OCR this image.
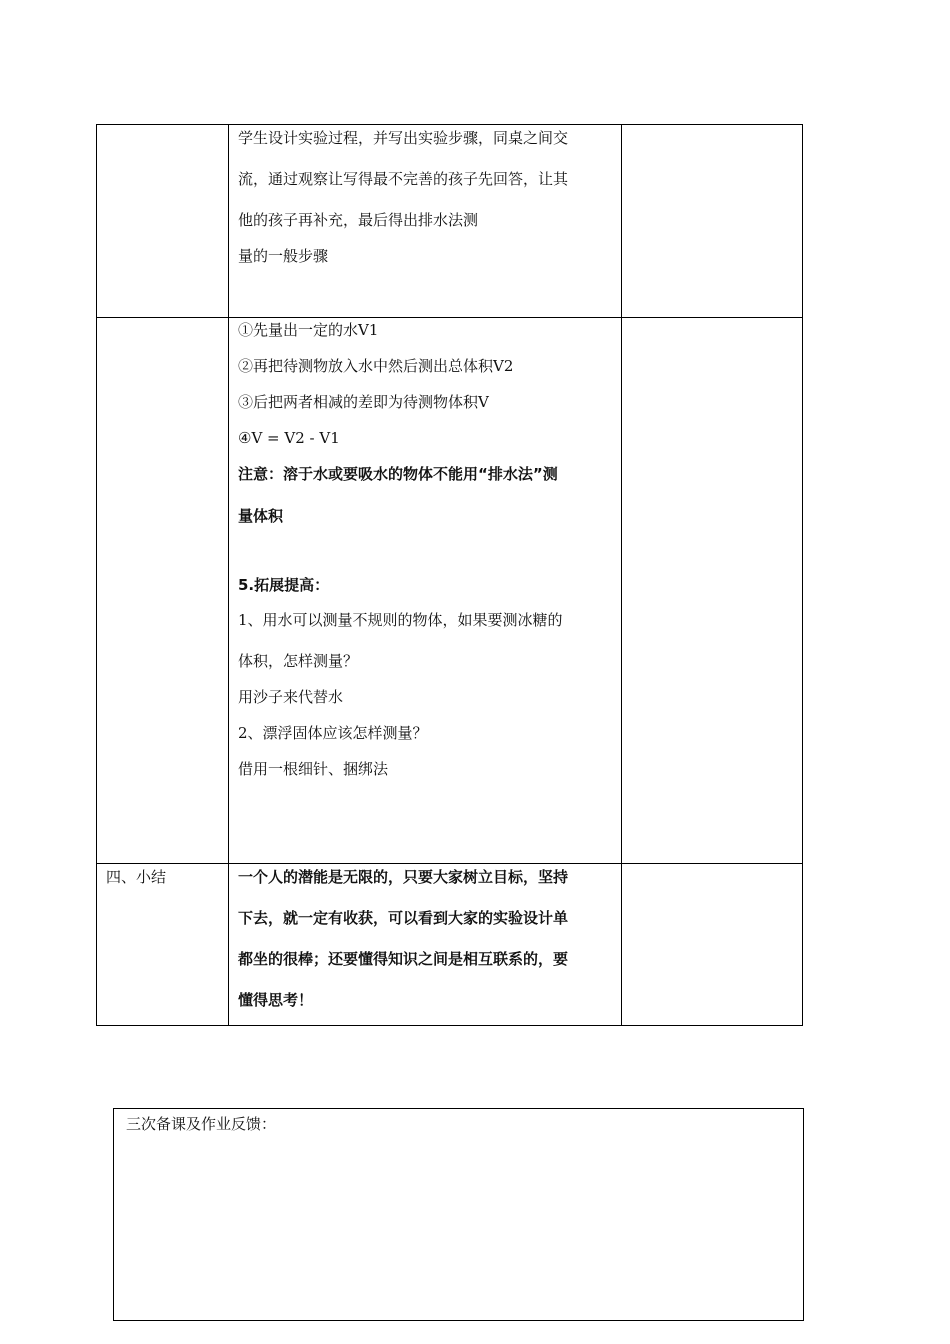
学生设计实验过程，并写出实验步骤，同桌之间交
流，通过观察让写得最不完善的孩子先回答，让其
他的孩子再补充，最后得出排水法测
量的一般步骤
①先量出一定的水V1
②再把待测物放入水中然后测出总体积V2
③后把两者相减的差即为待测物体积V
④V = V2 - V1
注意：溶于水或要吸水的物体不能用“排水法”测
量体积
5.拓展提高：
1、用水可以测量不规则的物体，如果要测冰糖的
体积，怎样测量？
用沙子来代替水
2、漂浮固体应该怎样测量？
借用一根细针、捆绑法
四、小结	一个人的潜能是无限的，只要大家树立目标，坚持
下去，就一定有收获，可以看到大家的实验设计单
都坐的很棒；还要懂得知识之间是相互联系的，要
懂得思考！
三次备课及作业反馈：
